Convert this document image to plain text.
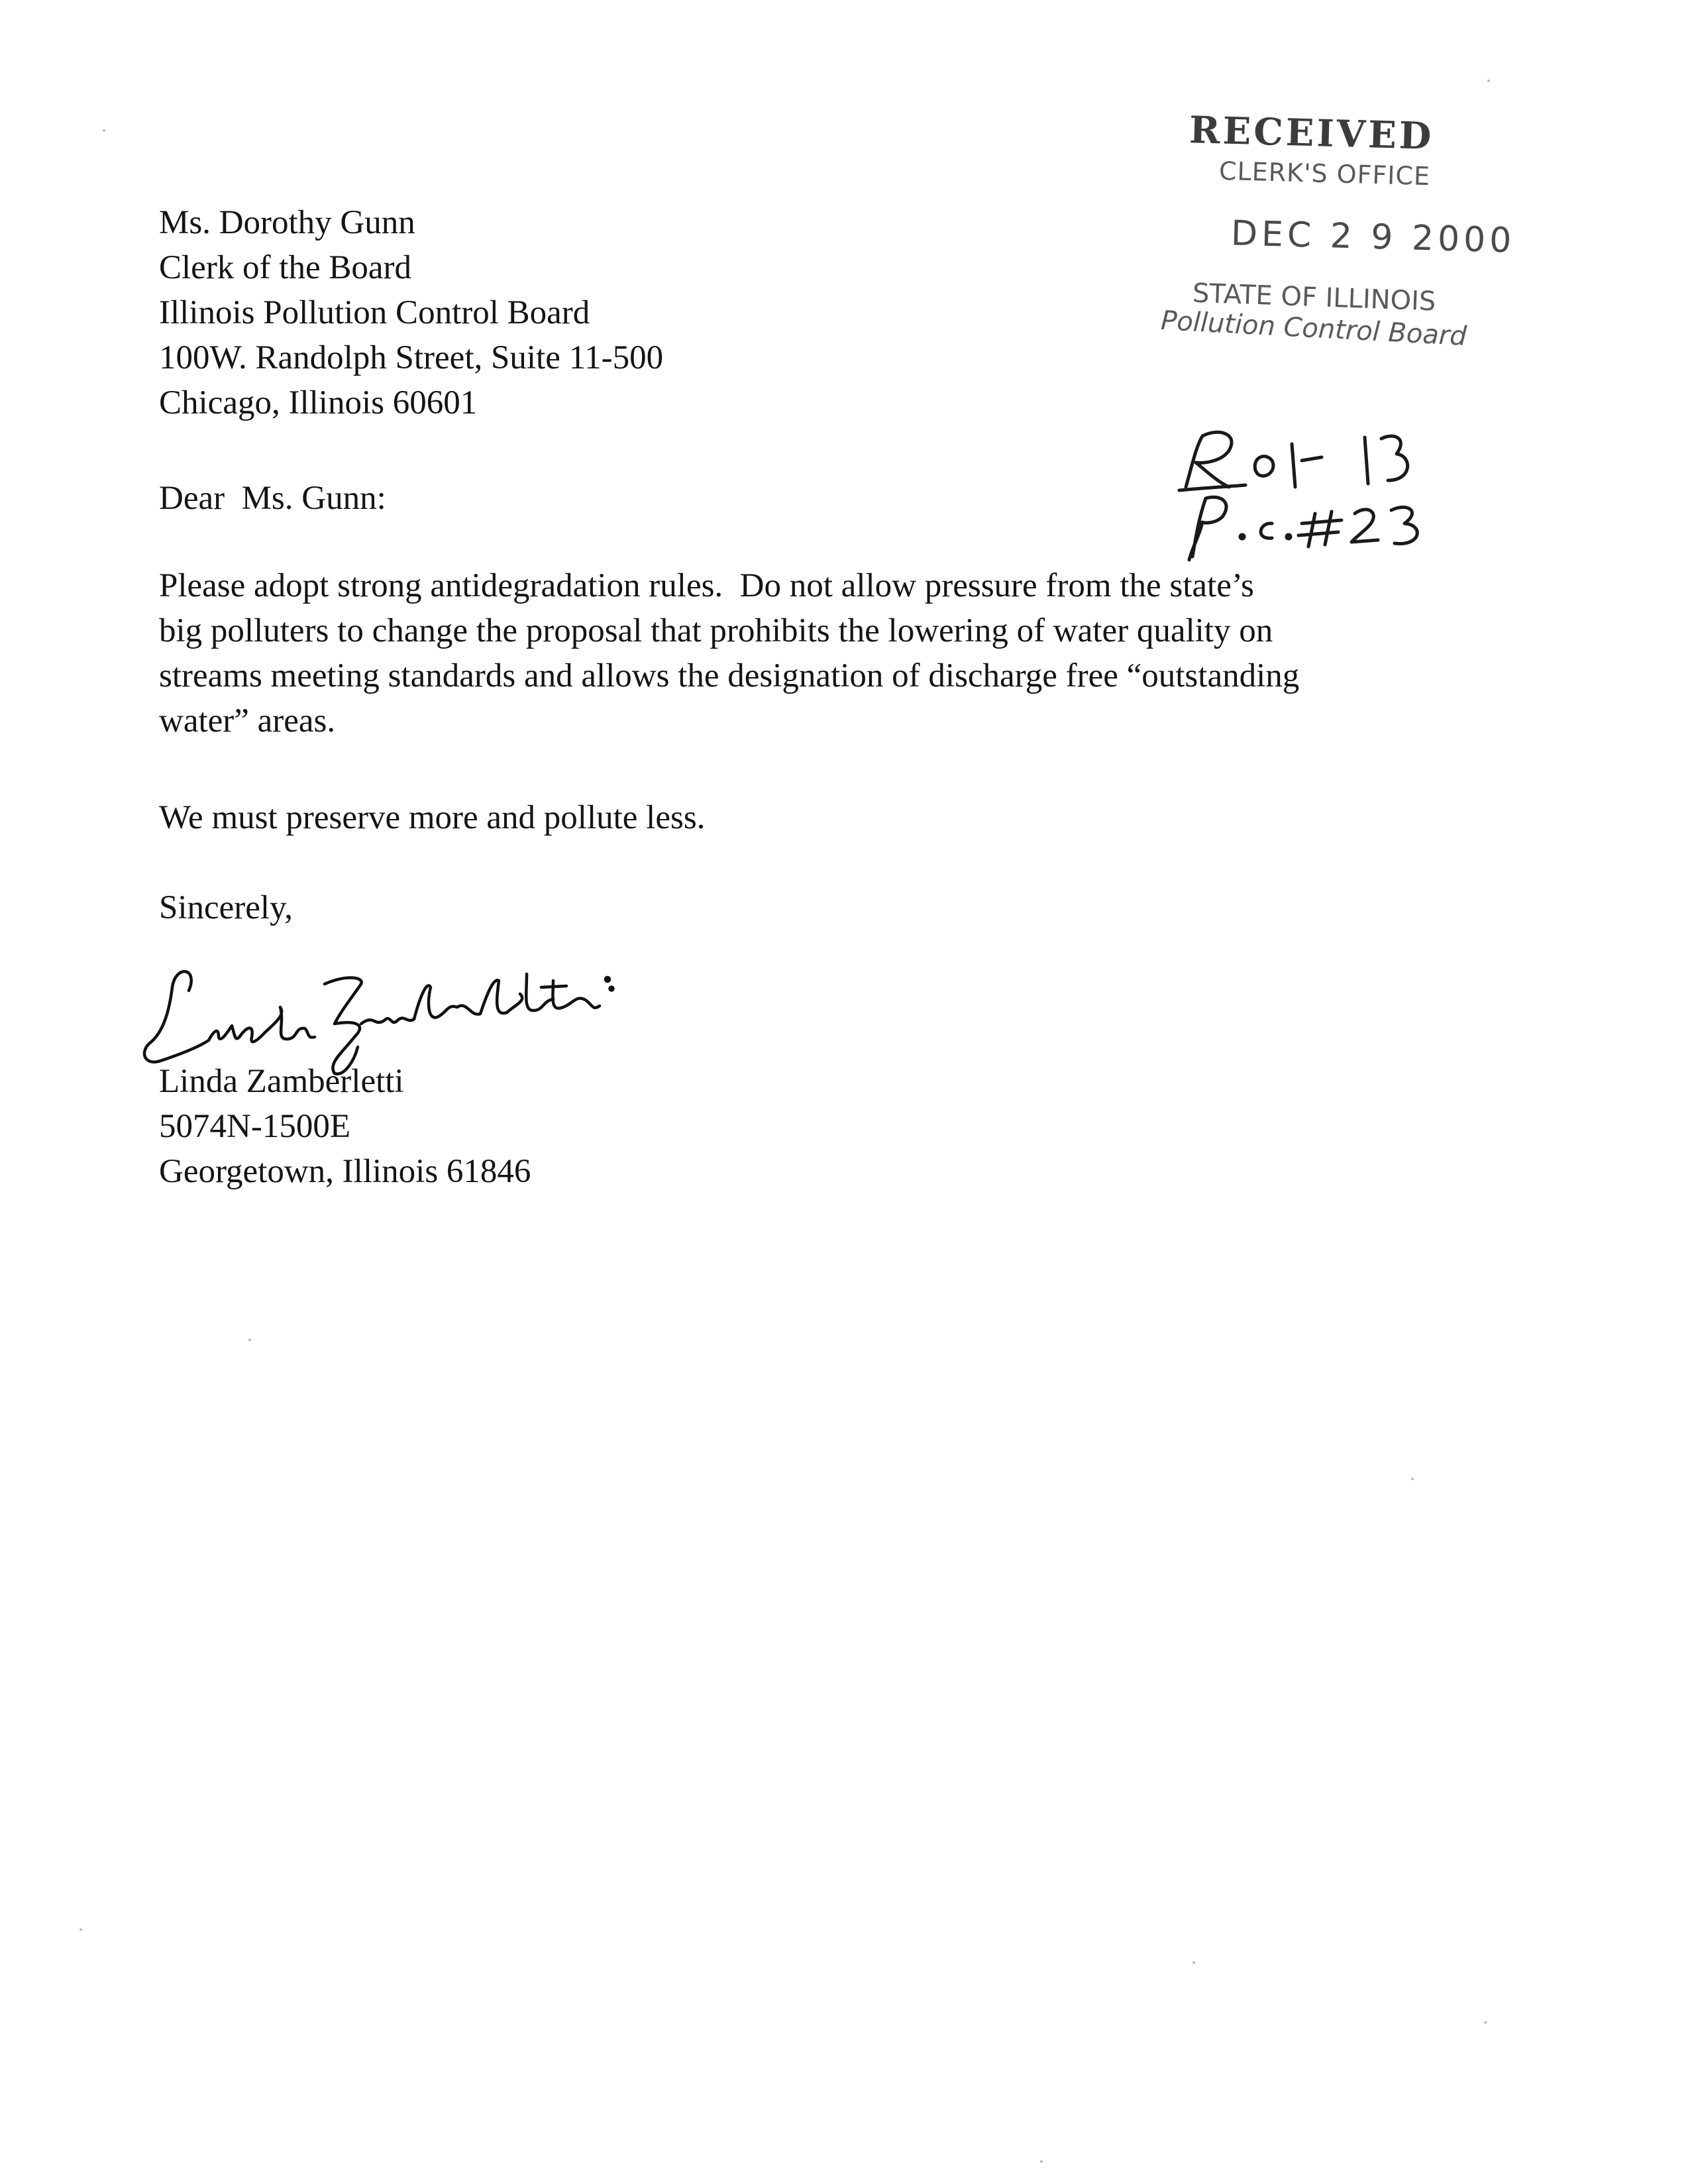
RECEIVED
CLERK'S OFFICE
DEC 2 9 2000
STATE OF ILLINOIS
Pollution Control Board
Ms. Dorothy Gunn
Clerk of the Board
Illinois Pollution Control Board
100W. Randolph Street, Suite 11-500
Chicago, Illinois 60601
Dear  Ms. Gunn:
Please adopt strong antidegradation rules.  Do not allow pressure from the state’s
big polluters to change the proposal that prohibits the lowering of water quality on
streams meeting standards and allows the designation of discharge free “outstanding
water” areas.
We must preserve more and pollute less.
Sincerely,
Linda Zamberletti
5074N-1500E
Georgetown, Illinois 61846
